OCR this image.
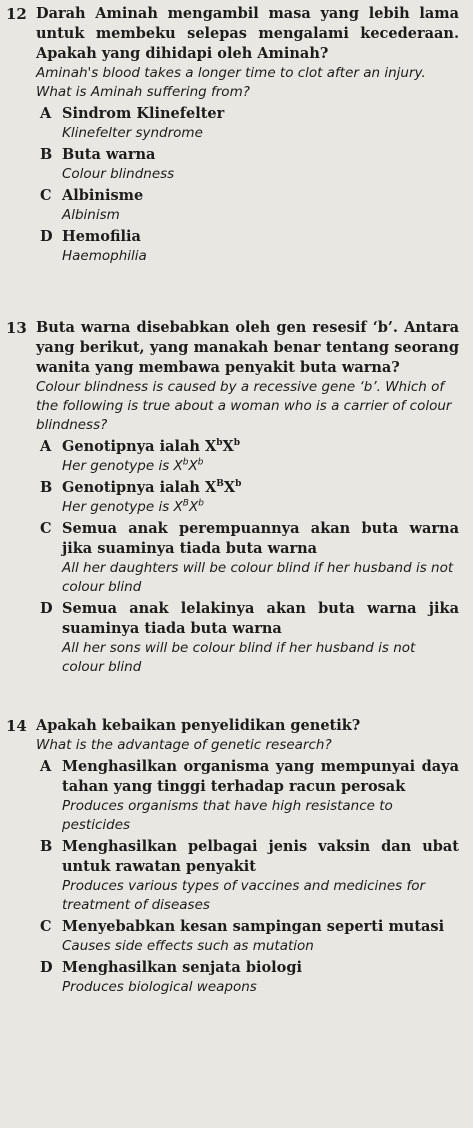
12 Darah Aminah mengambil masa yang lebih lama untuk membeku selepas mengalami kecederaan. Apakah yang dihidapi oleh Aminah?
Aminah's blood takes a longer time to clot after an injury. What is Aminah suffering from?
A Sindrom Klinefelter
Klinefelter syndrome
B Buta warna
Colour blindness
C Albinisme
Albinism
D Hemofilia
Haemophilia
13 Buta warna disebabkan oleh gen resesif ‘b’. Antara yang berikut, yang manakah benar tentang seorang wanita yang membawa penyakit buta warna?
Colour blindness is caused by a recessive gene ‘b’. Which of the following is true about a woman who is a carrier of colour blindness?
A Genotipnya ialah $X^bX^b$
Her genotype is $X^bX^b$
B Genotipnya ialah $X^BX^b$
Her genotype is $X^BX^b$
C Semua anak perempuannya akan buta warna jika suaminya tiada buta warna
All her daughters will be colour blind if her husband is not colour blind
D Semua anak lelakinya akan buta warna jika suaminya tiada buta warna
All her sons will be colour blind if her husband is not colour blind
14 Apakah kebaikan penyelidikan genetik?
What is the advantage of genetic research?
A Menghasilkan organisma yang mempunyai daya tahan yang tinggi terhadap racun perosak
Produces organisms that have high resistance to pesticides
B Menghasilkan pelbagai jenis vaksin dan ubat untuk rawatan penyakit
Produces various types of vaccines and medicines for treatment of diseases
C Menyebabkan kesan sampingan seperti mutasi
Causes side effects such as mutation
D Menghasilkan senjata biologi
Produces biological weapons
